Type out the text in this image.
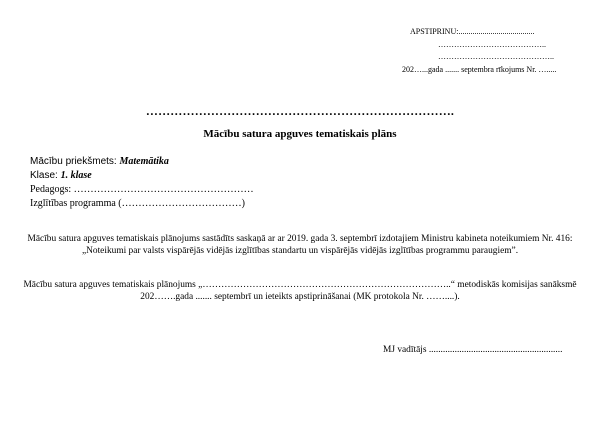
APSTIPRINU:......................................
…………………………………..
……………………………………..
202…...gada ....... septembra rīkojums Nr. ….....
………………………………………………………………….
Mācību satura apguves tematiskais plāns
Mācību priekšmets: Matemātika
Klase: 1. klase
Pedagogs: ………………………………………………
Izglītības programma (………………………………)
Mācību satura apguves tematiskais plānojums sastādīts saskaņā ar ar 2019. gada 3. septembrī izdotajiem Ministru kabineta noteikumiem Nr. 416: „Noteikumi par valsts vispārējās vidējās izglītības standartu un vispārējās vidējās izglītības programmu paraugiem”.
Mācību satura apguves tematiskais plānojums „……………………………………………………………………..“ metodiskās komisijas sanāksmē 202…….gada ....... septembrī un ieteikts apstiprināšanai (MK protokola Nr. ……....).
MJ vadītājs .........................................................
